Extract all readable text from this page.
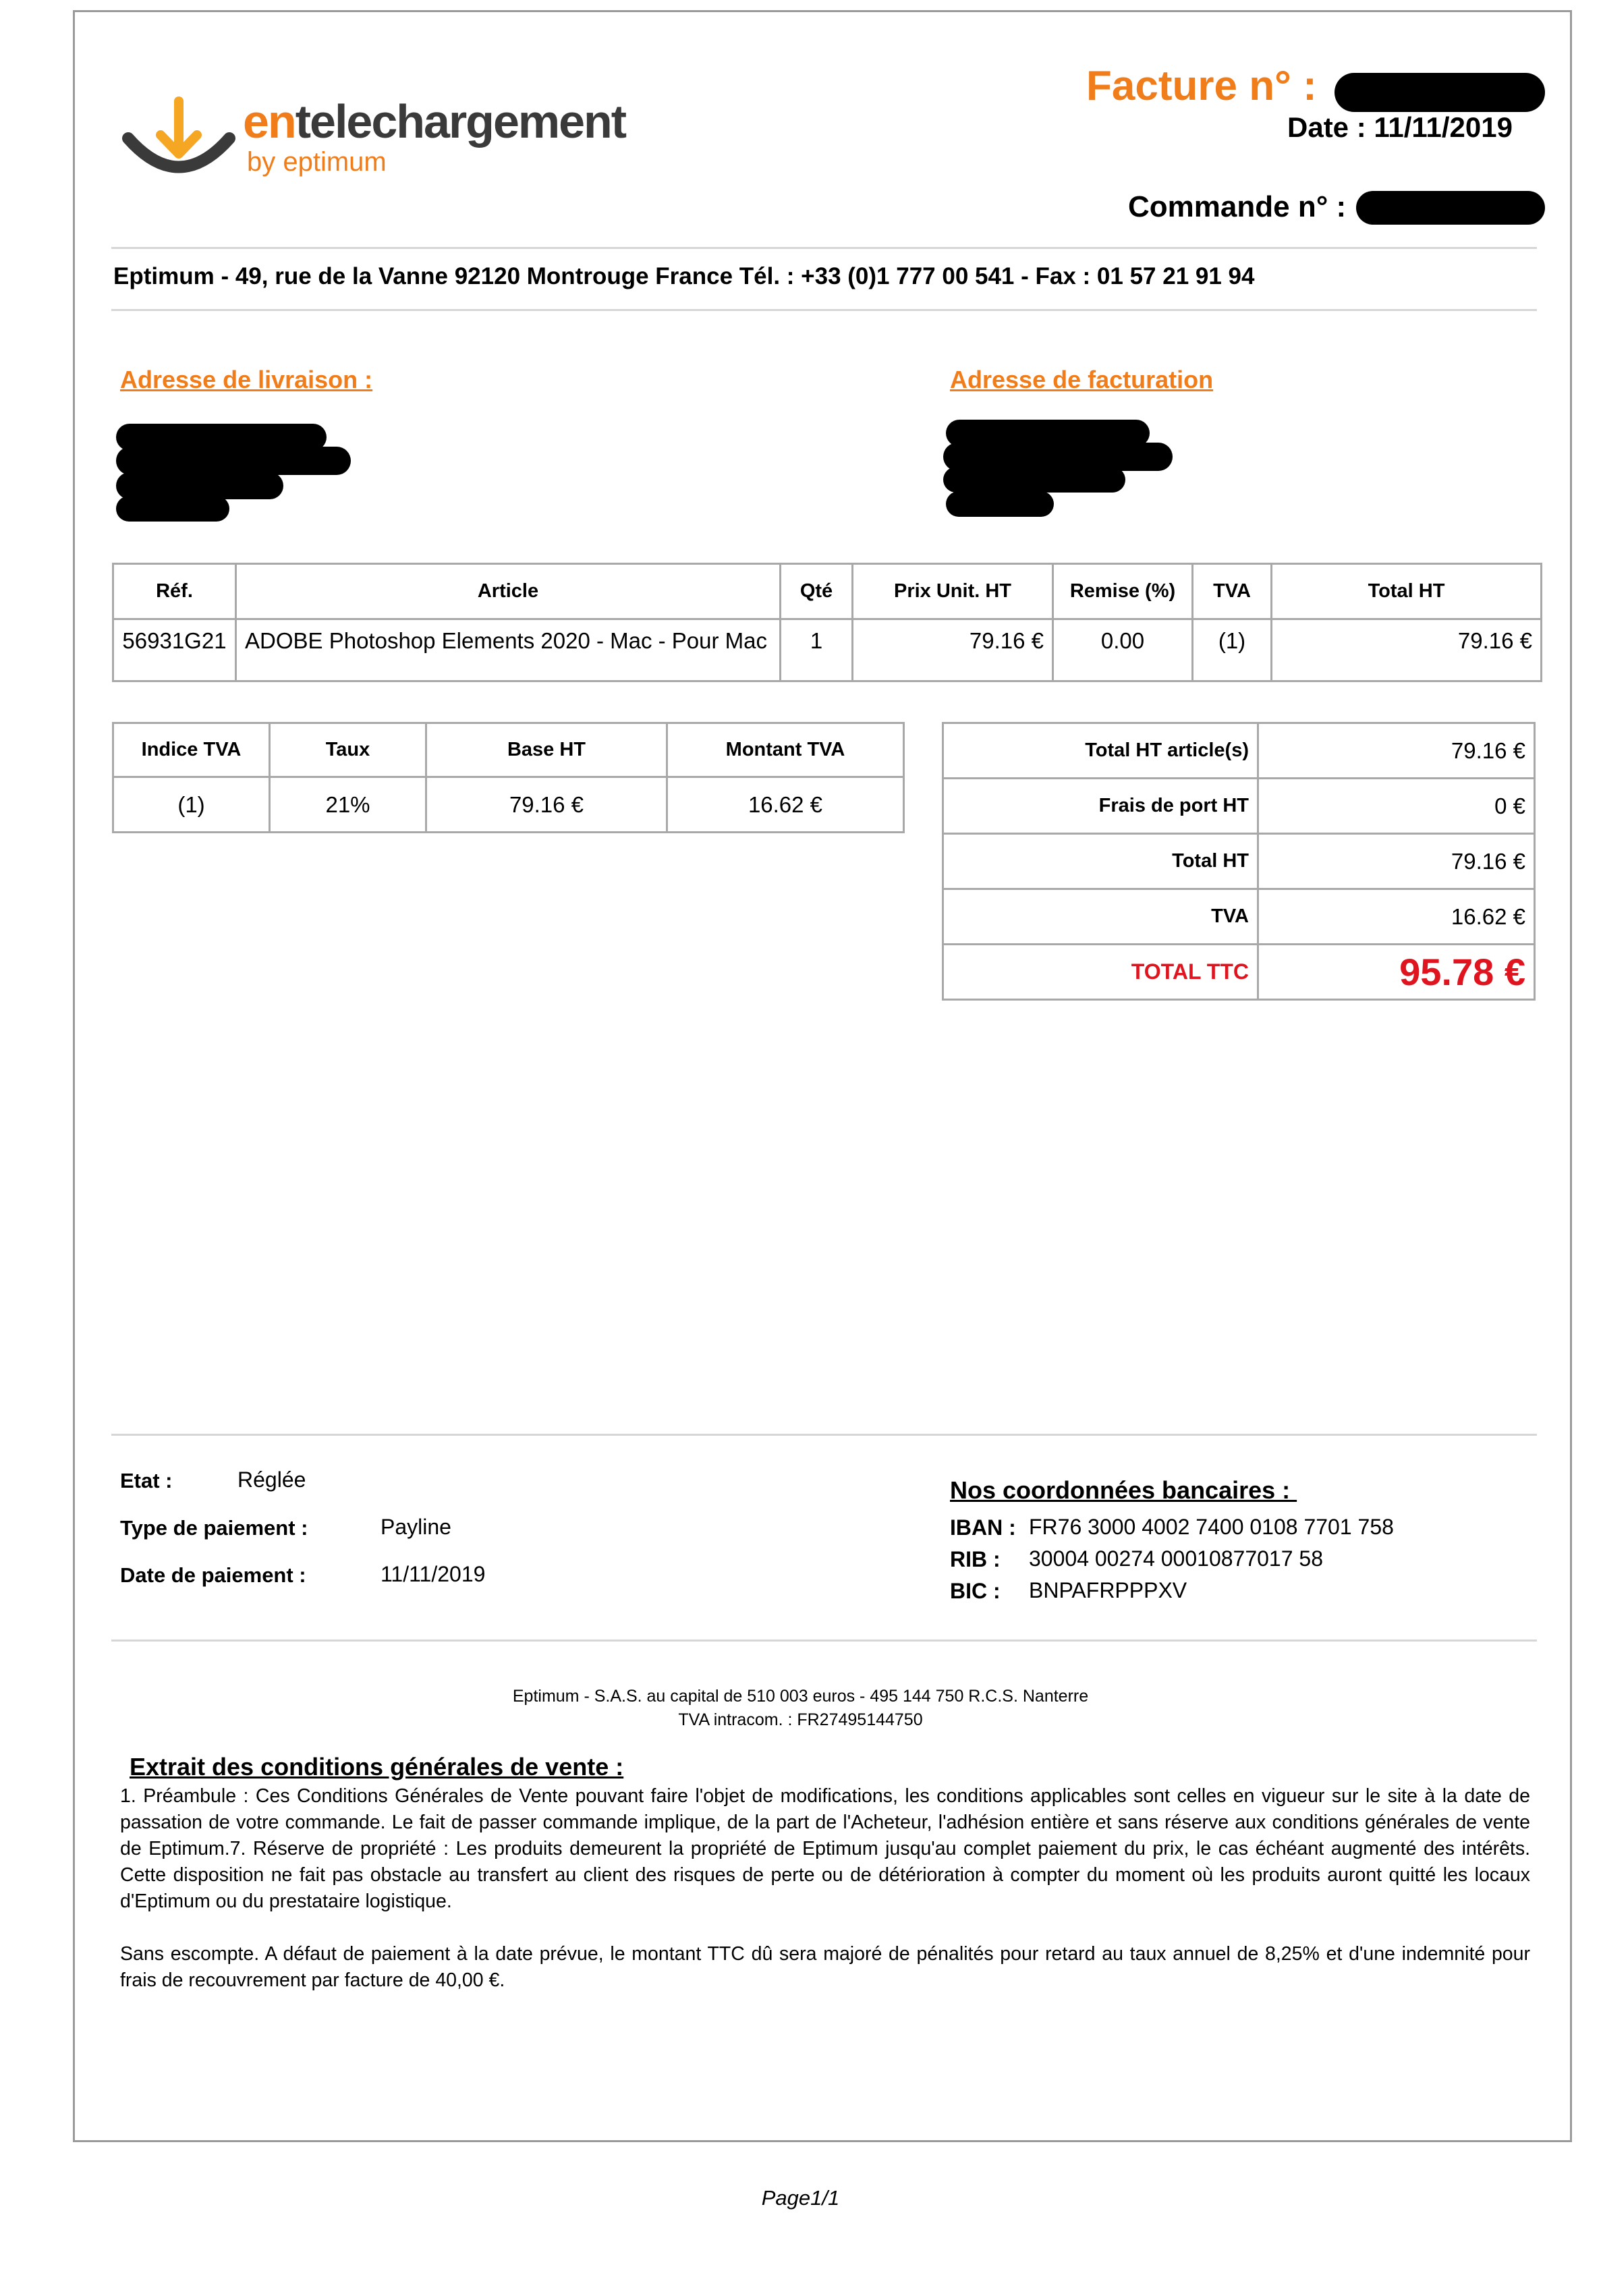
entelechargement
by eptimum
Facture n° :
Date : 11/11/2019
Commande n° :
Eptimum - 49, rue de la Vanne 92120 Montrouge France Tél. : +33 (0)1 777 00 541 - Fax : 01 57 21 91 94
Adresse de livraison :	Adresse de facturation
Réf.	Article	Qté	Prix Unit. HT	Remise (%)	TVA	Total HT
56931G21	ADOBE Photoshop Elements 2020 - Mac - Pour Mac	1	79.16 €	0.00	(1)	79.16 €
Indice TVA	Taux	Base HT	Montant TVA
(1)	21%	79.16 €	16.62 €
Total HT article(s)	79.16 €
Frais de port HT	0 €
Total HT	79.16 €
TVA	16.62 €
TOTAL TTC	95.78 €
Etat :	Réglée
Type de paiement :	Payline
Date de paiement :	11/11/2019
Nos coordonnées bancaires :
IBAN : FR76 3000 4002 7400 0108 7701 758
RIB : 30004 00274 00010877017 58
BIC : BNPAFRPPPXV
Eptimum - S.A.S. au capital de 510 003 euros - 495 144 750 R.C.S. Nanterre
TVA intracom. : FR27495144750
Extrait des conditions générales de vente :
1. Préambule : Ces Conditions Générales de Vente pouvant faire l'objet de modifications, les conditions applicables sont celles en vigueur sur le site à la date de passation de votre commande. Le fait de passer commande implique, de la part de l'Acheteur, l'adhésion entière et sans réserve aux conditions générales de vente de Eptimum.7. Réserve de propriété : Les produits demeurent la propriété de Eptimum jusqu'au complet paiement du prix, le cas échéant augmenté des intérêts. Cette disposition ne fait pas obstacle au transfert au client des risques de perte ou de détérioration à compter du moment où les produits auront quitté les locaux d'Eptimum ou du prestataire logistique.
Sans escompte. A défaut de paiement à la date prévue, le montant TTC dû sera majoré de pénalités pour retard au taux annuel de 8,25% et d'une indemnité pour frais de recouvrement par facture de 40,00 €.
Page1/1
